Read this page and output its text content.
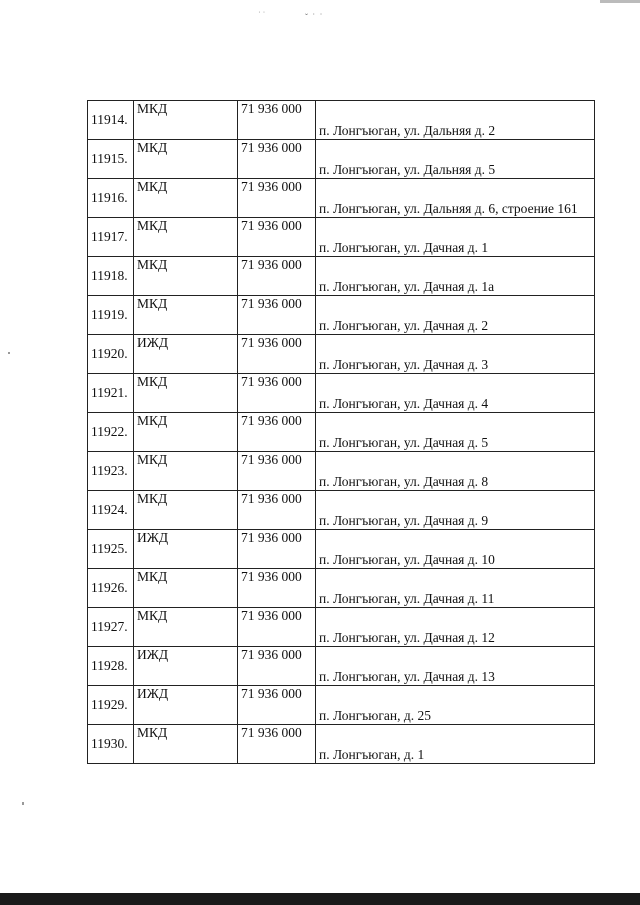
˙ ˙	ˇ ˙ ˙
11914.	МКД	71 936 000	п. Лонгъюган, ул. Дальняя д. 2
11915.	МКД	71 936 000	п. Лонгъюган, ул. Дальняя д. 5
11916.	МКД	71 936 000	п. Лонгъюган, ул. Дальняя д. 6, строение 161
11917.	МКД	71 936 000	п. Лонгъюган, ул. Дачная д. 1
11918.	МКД	71 936 000	п. Лонгъюган, ул. Дачная д. 1а
11919.	МКД	71 936 000	п. Лонгъюган, ул. Дачная д. 2
11920.	ИЖД	71 936 000	п. Лонгъюган, ул. Дачная д. 3
11921.	МКД	71 936 000	п. Лонгъюган, ул. Дачная д. 4
11922.	МКД	71 936 000	п. Лонгъюган, ул. Дачная д. 5
11923.	МКД	71 936 000	п. Лонгъюган, ул. Дачная д. 8
11924.	МКД	71 936 000	п. Лонгъюган, ул. Дачная д. 9
11925.	ИЖД	71 936 000	п. Лонгъюган, ул. Дачная д. 10
11926.	МКД	71 936 000	п. Лонгъюган, ул. Дачная д. 11
11927.	МКД	71 936 000	п. Лонгъюган, ул. Дачная д. 12
11928.	ИЖД	71 936 000	п. Лонгъюган, ул. Дачная д. 13
11929.	ИЖД	71 936 000	п. Лонгъюган, д. 25
11930.	МКД	71 936 000	п. Лонгъюган, д. 1
